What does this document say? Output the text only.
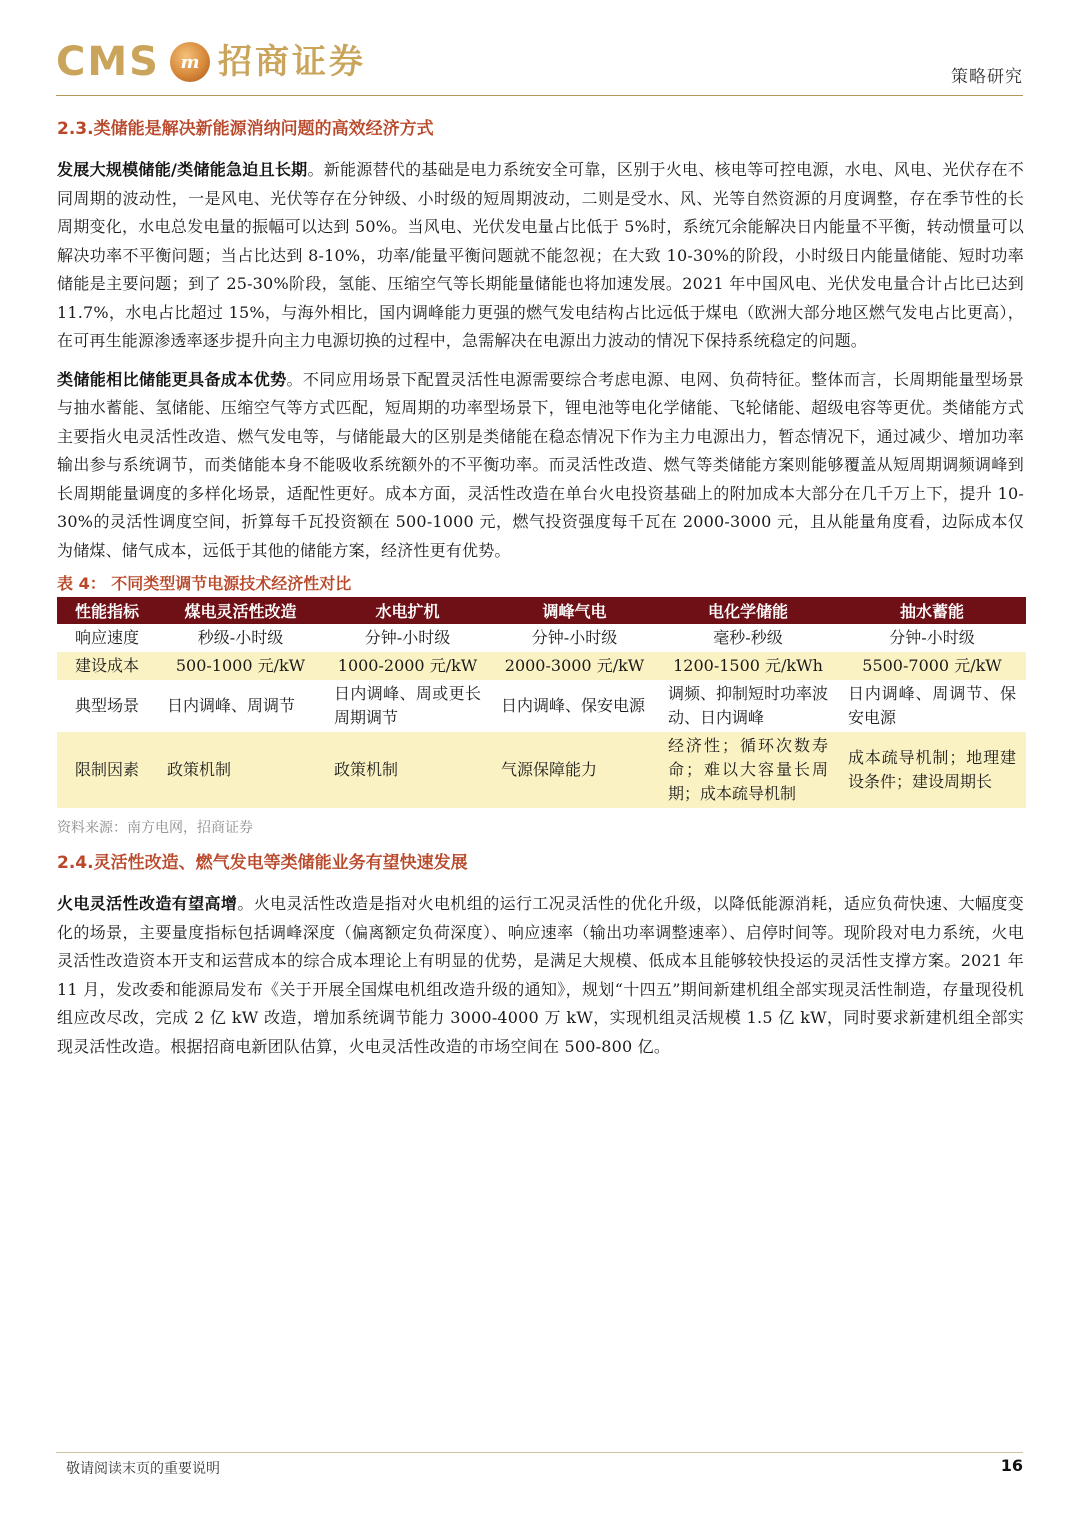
CMS	m 招商证券	策略研究
2.3.类储能是解决新能源消纳问题的高效经济方式

发展大规模储能/类储能急迫且长期。新能源替代的基础是电力系统安全可靠，区别于火电、核电等可控电源，水电、风电、光伏存在不同周期的波动性，一是风电、光伏等存在分钟级、小时级的短周期波动，二则是受水、风、光等自然资源的月度调整，存在季节性的长周期变化，水电总发电量的振幅可以达到 50%。当风电、光伏发电量占比低于 5%时，系统冗余能解决日内能量不平衡，转动惯量可以解决功率不平衡问题；当占比达到 8-10%，功率/能量平衡问题就不能忽视；在大致 10-30%的阶段，小时级日内能量储能、短时功率储能是主要问题；到了 25-30%阶段，氢能、压缩空气等长期能量储能也将加速发展。2021 年中国风电、光伏发电量合计占比已达到 11.7%，水电占比超过 15%，与海外相比，国内调峰能力更强的燃气发电结构占比远低于煤电（欧洲大部分地区燃气发电占比更高），在可再生能源渗透率逐步提升向主力电源切换的过程中，急需解决在电源出力波动的情况下保持系统稳定的问题。

类储能相比储能更具备成本优势。不同应用场景下配置灵活性电源需要综合考虑电源、电网、负荷特征。整体而言，长周期能量型场景与抽水蓄能、氢储能、压缩空气等方式匹配，短周期的功率型场景下，锂电池等电化学储能、飞轮储能、超级电容等更优。类储能方式主要指火电灵活性改造、燃气发电等，与储能最大的区别是类储能在稳态情况下作为主力电源出力，暂态情况下，通过减少、增加功率输出参与系统调节，而类储能本身不能吸收系统额外的不平衡功率。而灵活性改造、燃气等类储能方案则能够覆盖从短周期调频调峰到长周期能量调度的多样化场景，适配性更好。成本方面，灵活性改造在单台火电投资基础上的附加成本大部分在几千万上下，提升 10-30%的灵活性调度空间，折算每千瓦投资额在 500-1000 元，燃气投资强度每千瓦在 2000-3000 元，且从能量角度看，边际成本仅为储煤、储气成本，远低于其他的储能方案，经济性更有优势。

表 4： 不同类型调节电源技术经济性对比
性能指标	煤电灵活性改造	水电扩机	调峰气电	电化学储能	抽水蓄能
响应速度	秒级-小时级	分钟-小时级	分钟-小时级	毫秒-秒级	分钟-小时级
建设成本	500-1000 元/kW	1000-2000 元/kW	2000-3000 元/kW	1200-1500 元/kWh	5500-7000 元/kW
典型场景	日内调峰、周调节	日内调峰、周或更长周期调节	日内调峰、保安电源	调频、抑制短时功率波动、日内调峰	日内调峰、周调节、保安电源
限制因素	政策机制	政策机制	气源保障能力	经济性；循环次数寿命；难以大容量长周期；成本疏导机制	成本疏导机制；地理建设条件；建设周期长
资料来源：南方电网，招商证券
2.4.灵活性改造、燃气发电等类储能业务有望快速发展

火电灵活性改造有望高增。火电灵活性改造是指对火电机组的运行工况灵活性的优化升级，以降低能源消耗，适应负荷快速、大幅度变化的场景，主要量度指标包括调峰深度（偏离额定负荷深度）、响应速率（输出功率调整速率）、启停时间等。现阶段对电力系统，火电灵活性改造资本开支和运营成本的综合成本理论上有明显的优势，是满足大规模、低成本且能够较快投运的灵活性支撑方案。2021 年 11 月，发改委和能源局发布《关于开展全国煤电机组改造升级的通知》，规划“十四五”期间新建机组全部实现灵活性制造，存量现役机组应改尽改，完成 2 亿 kW 改造，增加系统调节能力 3000-4000 万 kW，实现机组灵活规模 1.5 亿 kW，同时要求新建机组全部实现灵活性改造。根据招商电新团队估算，火电灵活性改造的市场空间在 500-800 亿。

敬请阅读末页的重要说明	16
